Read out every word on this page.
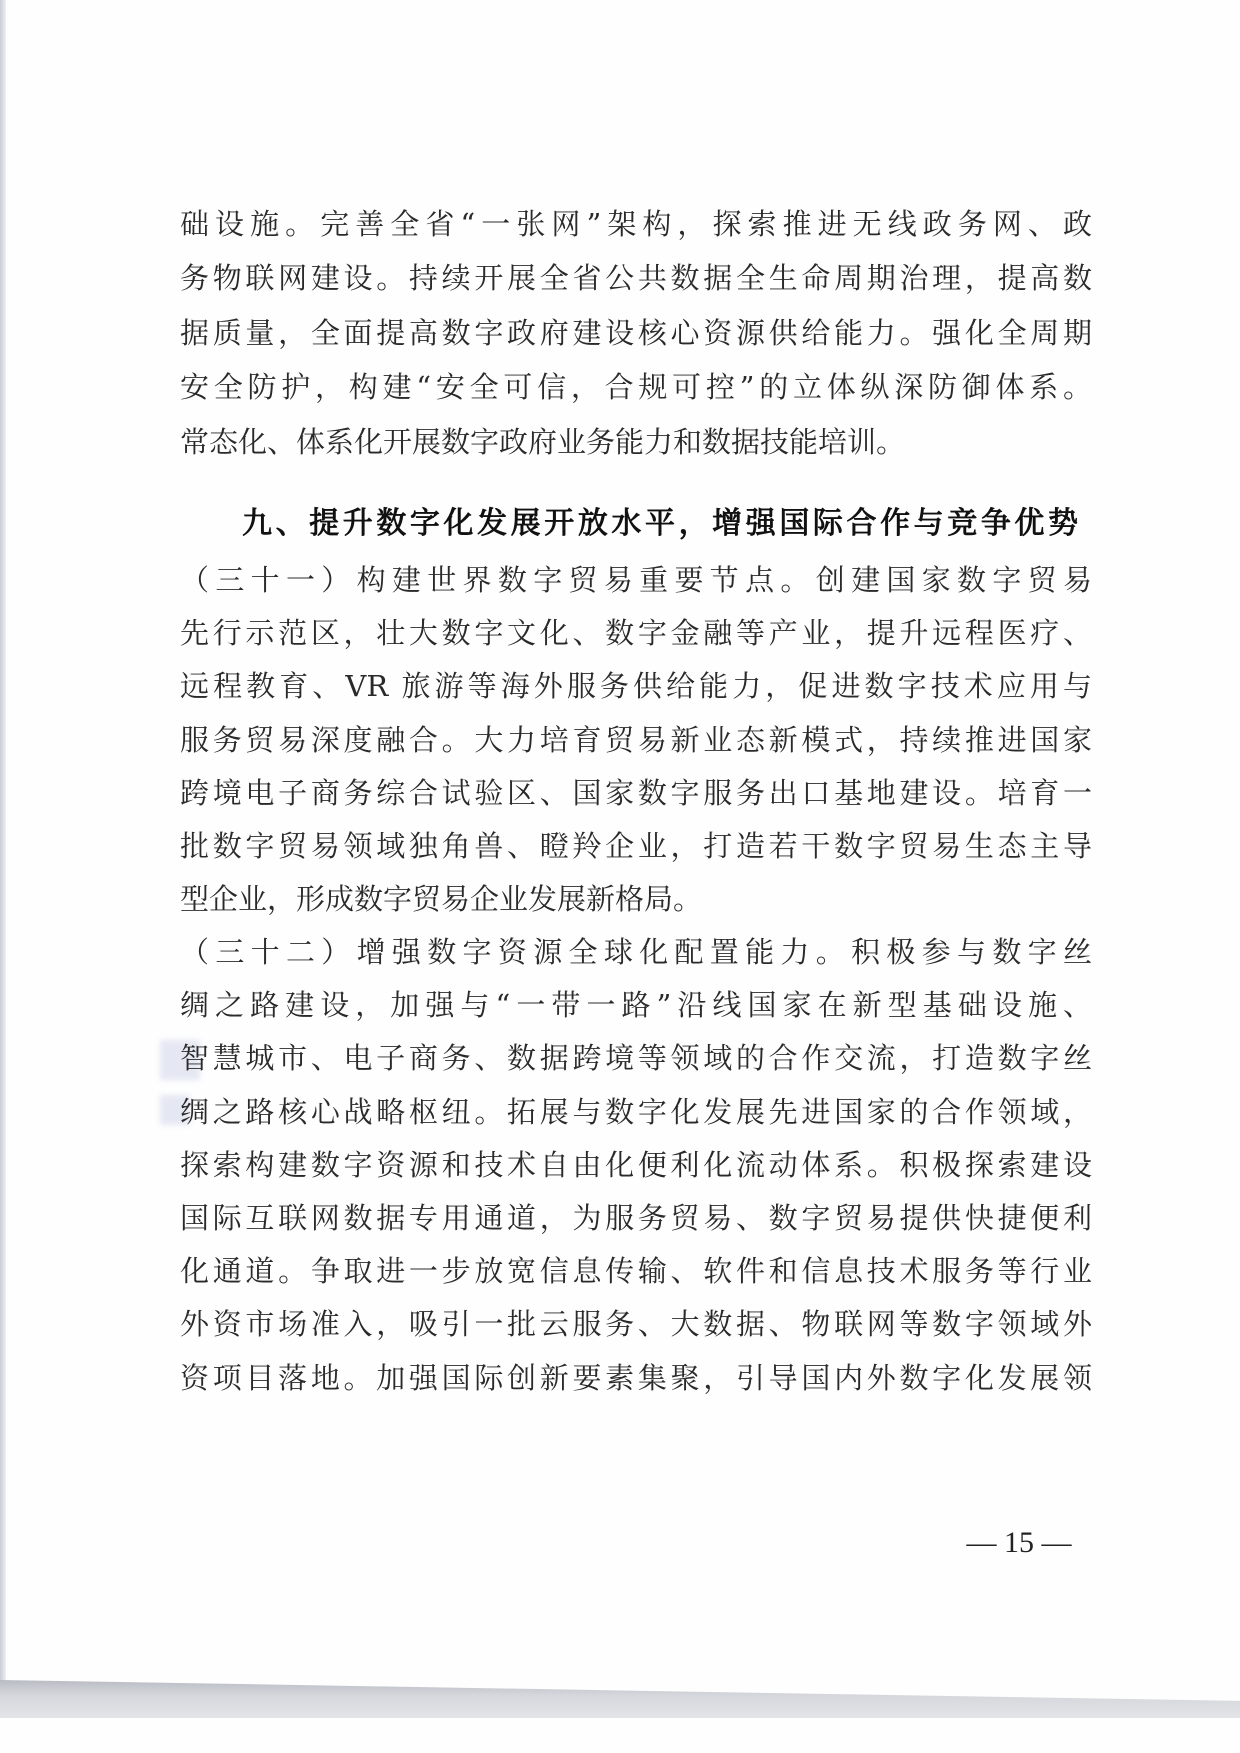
础设施。完善全省“一张网”架构，探索推进无线政务网、政
务物联网建设。持续开展全省公共数据全生命周期治理，提高数
据质量，全面提高数字政府建设核心资源供给能力。强化全周期
安全防护，构建“安全可信，合规可控”的立体纵深防御体系。
常态化、体系化开展数字政府业务能力和数据技能培训。
九、提升数字化发展开放水平，增强国际合作与竞争优势
（三十一）构建世界数字贸易重要节点。创建国家数字贸易
先行示范区，壮大数字文化、数字金融等产业，提升远程医疗、
远程教育、VR 旅游等海外服务供给能力，促进数字技术应用与
服务贸易深度融合。大力培育贸易新业态新模式，持续推进国家
跨境电子商务综合试验区、国家数字服务出口基地建设。培育一
批数字贸易领域独角兽、瞪羚企业，打造若干数字贸易生态主导
型企业，形成数字贸易企业发展新格局。
（三十二）增强数字资源全球化配置能力。积极参与数字丝
绸之路建设，加强与“一带一路”沿线国家在新型基础设施、
智慧城市、电子商务、数据跨境等领域的合作交流，打造数字丝
绸之路核心战略枢纽。拓展与数字化发展先进国家的合作领域，
探索构建数字资源和技术自由化便利化流动体系。积极探索建设
国际互联网数据专用通道，为服务贸易、数字贸易提供快捷便利
化通道。争取进一步放宽信息传输、软件和信息技术服务等行业
外资市场准入，吸引一批云服务、大数据、物联网等数字领域外
资项目落地。加强国际创新要素集聚，引导国内外数字化发展领
— 15 —
